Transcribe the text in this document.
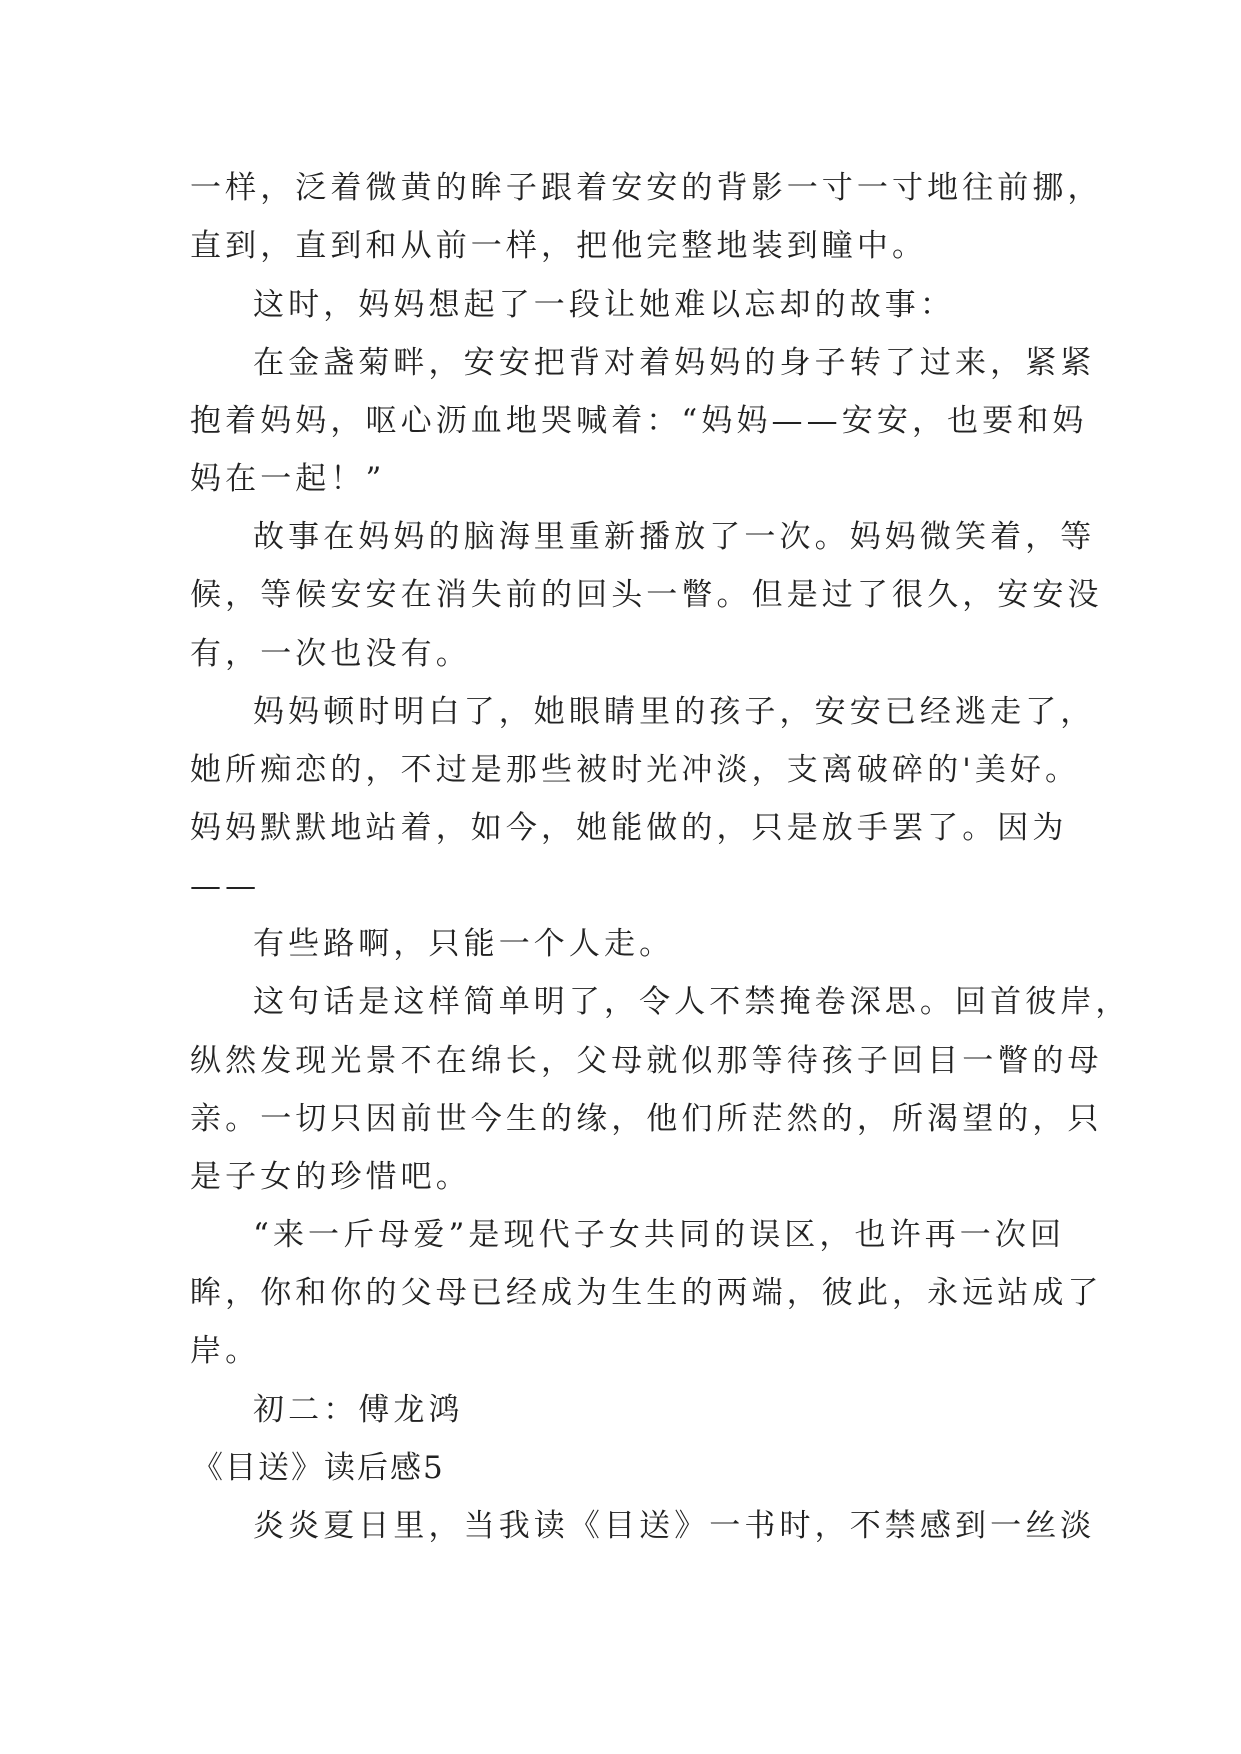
一样，泛着微黄的眸子跟着安安的背影一寸一寸地往前挪，
直到，直到和从前一样，把他完整地装到瞳中。
这时，妈妈想起了一段让她难以忘却的故事：
在金盏菊畔，安安把背对着妈妈的身子转了过来，紧紧
抱着妈妈，呕心沥血地哭喊着：“妈妈——安安，也要和妈
妈在一起！”
故事在妈妈的脑海里重新播放了一次。妈妈微笑着，等
候，等候安安在消失前的回头一瞥。但是过了很久，安安没
有，一次也没有。
妈妈顿时明白了，她眼睛里的孩子，安安已经逃走了，
她所痴恋的，不过是那些被时光冲淡，支离破碎的'美好。
妈妈默默地站着，如今，她能做的，只是放手罢了。因为
——
有些路啊，只能一个人走。
这句话是这样简单明了，令人不禁掩卷深思。回首彼岸，
纵然发现光景不在绵长，父母就似那等待孩子回目一瞥的母
亲。一切只因前世今生的缘，他们所茫然的，所渴望的，只
是子女的珍惜吧。
“来一斤母爱”是现代子女共同的误区，也许再一次回
眸，你和你的父母已经成为生生的两端，彼此，永远站成了
岸。
初二：傅龙鸿
《目送》读后感5
炎炎夏日里，当我读《目送》一书时，不禁感到一丝淡
